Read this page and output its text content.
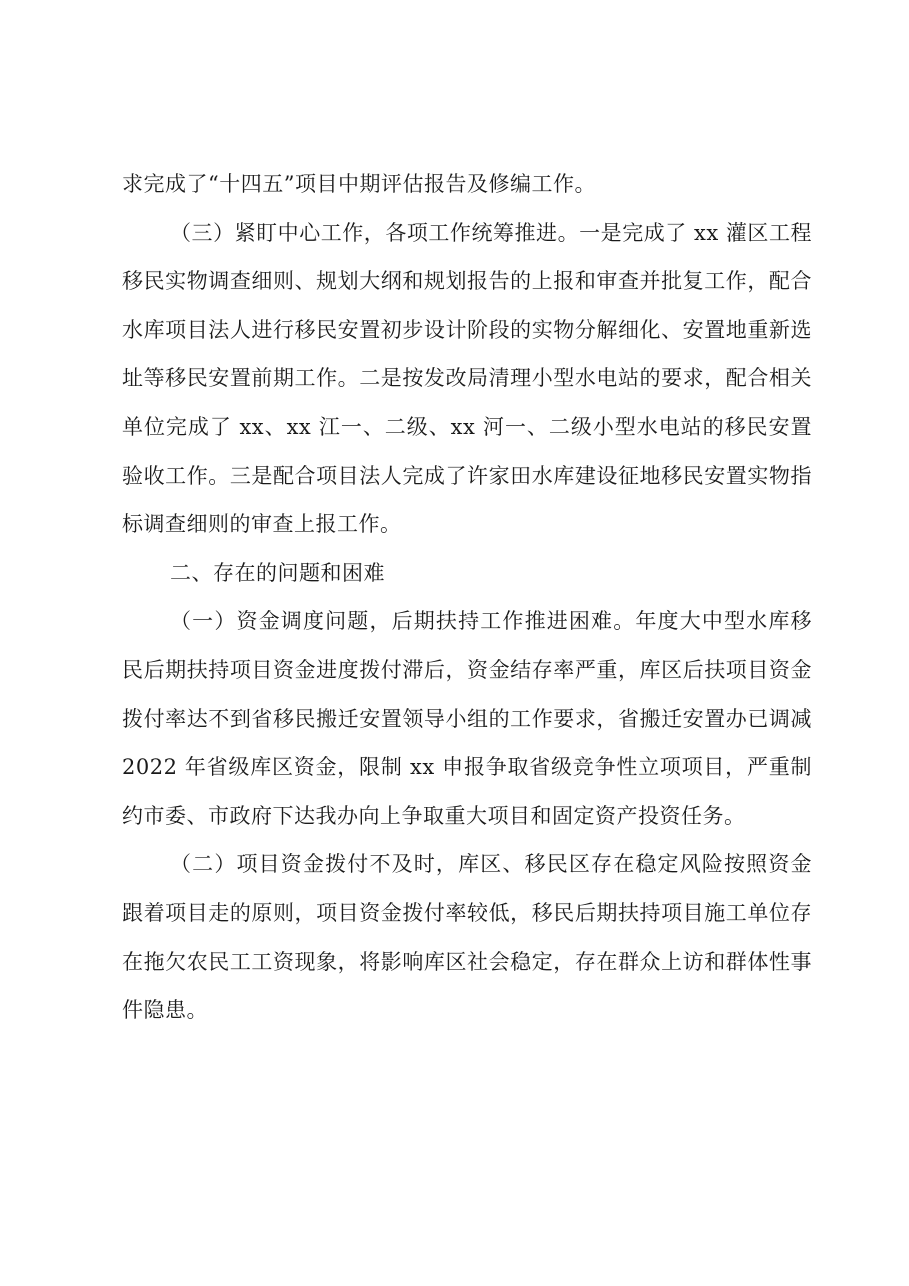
求完成了“十四五”项目中期评估报告及修编工作。

（三）紧盯中心工作，各项工作统筹推进。一是完成了 xx 灌区工程移民实物调查细则、规划大纲和规划报告的上报和审查并批复工作，配合水库项目法人进行移民安置初步设计阶段的实物分解细化、安置地重新选址等移民安置前期工作。二是按发改局清理小型水电站的要求，配合相关单位完成了 xx、xx 江一、二级、xx 河一、二级小型水电站的移民安置验收工作。三是配合项目法人完成了许家田水库建设征地移民安置实物指标调查细则的审查上报工作。

二、存在的问题和困难

（一）资金调度问题，后期扶持工作推进困难。年度大中型水库移民后期扶持项目资金进度拨付滞后，资金结存率严重，库区后扶项目资金拨付率达不到省移民搬迁安置领导小组的工作要求，省搬迁安置办已调减 2022 年省级库区资金，限制 xx 申报争取省级竞争性立项项目，严重制约市委、市政府下达我办向上争取重大项目和固定资产投资任务。

（二）项目资金拨付不及时，库区、移民区存在稳定风险按照资金跟着项目走的原则，项目资金拨付率较低，移民后期扶持项目施工单位存在拖欠农民工工资现象，将影响库区社会稳定，存在群众上访和群体性事件隐患。
